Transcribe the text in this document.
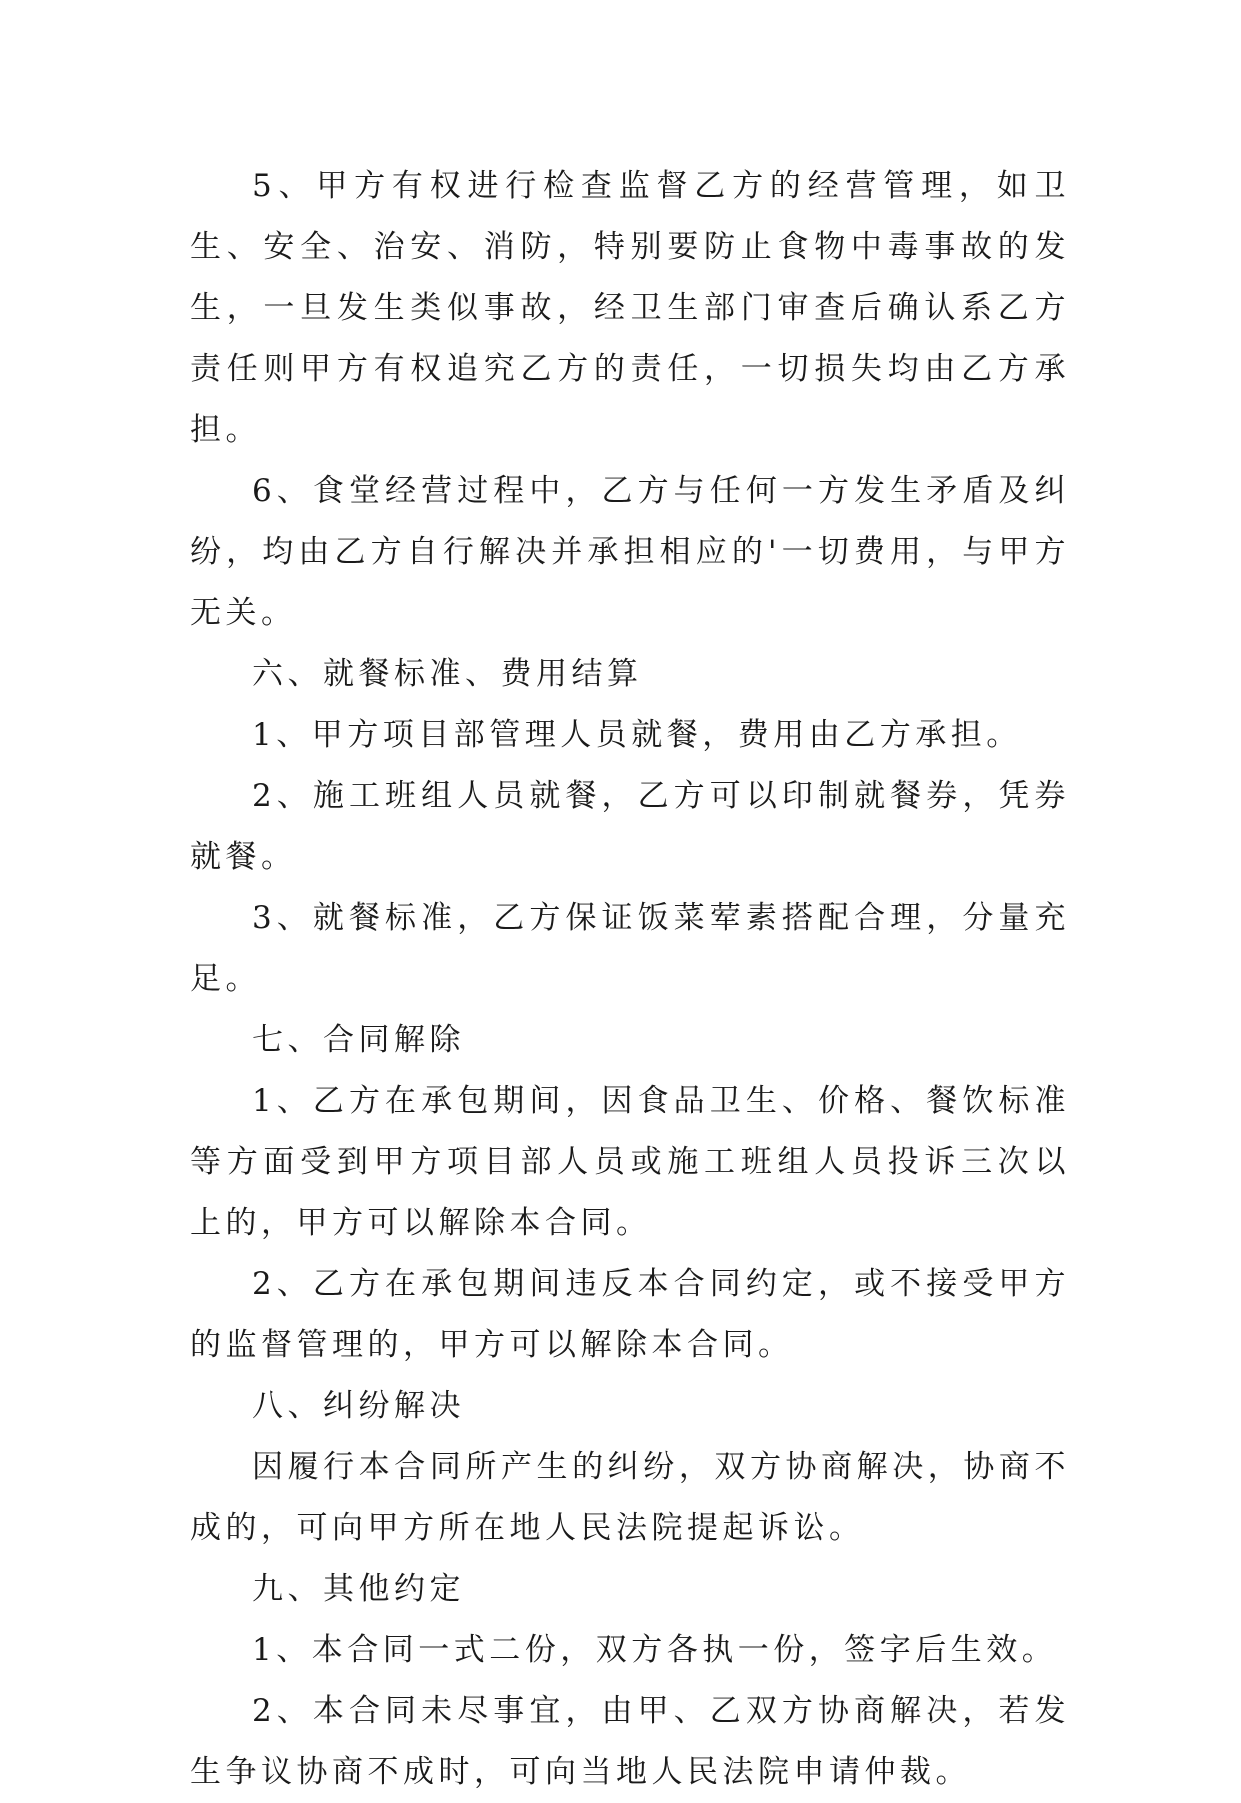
5、甲方有权进行检查监督乙方的经营管理，如卫生、安全、治安、消防，特别要防止食物中毒事故的发生，一旦发生类似事故，经卫生部门审查后确认系乙方责任则甲方有权追究乙方的责任，一切损失均由乙方承担。

6、食堂经营过程中，乙方与任何一方发生矛盾及纠纷，均由乙方自行解决并承担相应的'一切费用，与甲方无关。

六、就餐标准、费用结算

1、甲方项目部管理人员就餐，费用由乙方承担。

2、施工班组人员就餐，乙方可以印制就餐券，凭券就餐。

3、就餐标准，乙方保证饭菜荤素搭配合理，分量充足。

七、合同解除

1、乙方在承包期间，因食品卫生、价格、餐饮标准等方面受到甲方项目部人员或施工班组人员投诉三次以上的，甲方可以解除本合同。

2、乙方在承包期间违反本合同约定，或不接受甲方的监督管理的，甲方可以解除本合同。

八、纠纷解决

因履行本合同所产生的纠纷，双方协商解决，协商不成的，可向甲方所在地人民法院提起诉讼。

九、其他约定

1、本合同一式二份，双方各执一份，签字后生效。

2、本合同未尽事宜，由甲、乙双方协商解决，若发生争议协商不成时，可向当地人民法院申请仲裁。
